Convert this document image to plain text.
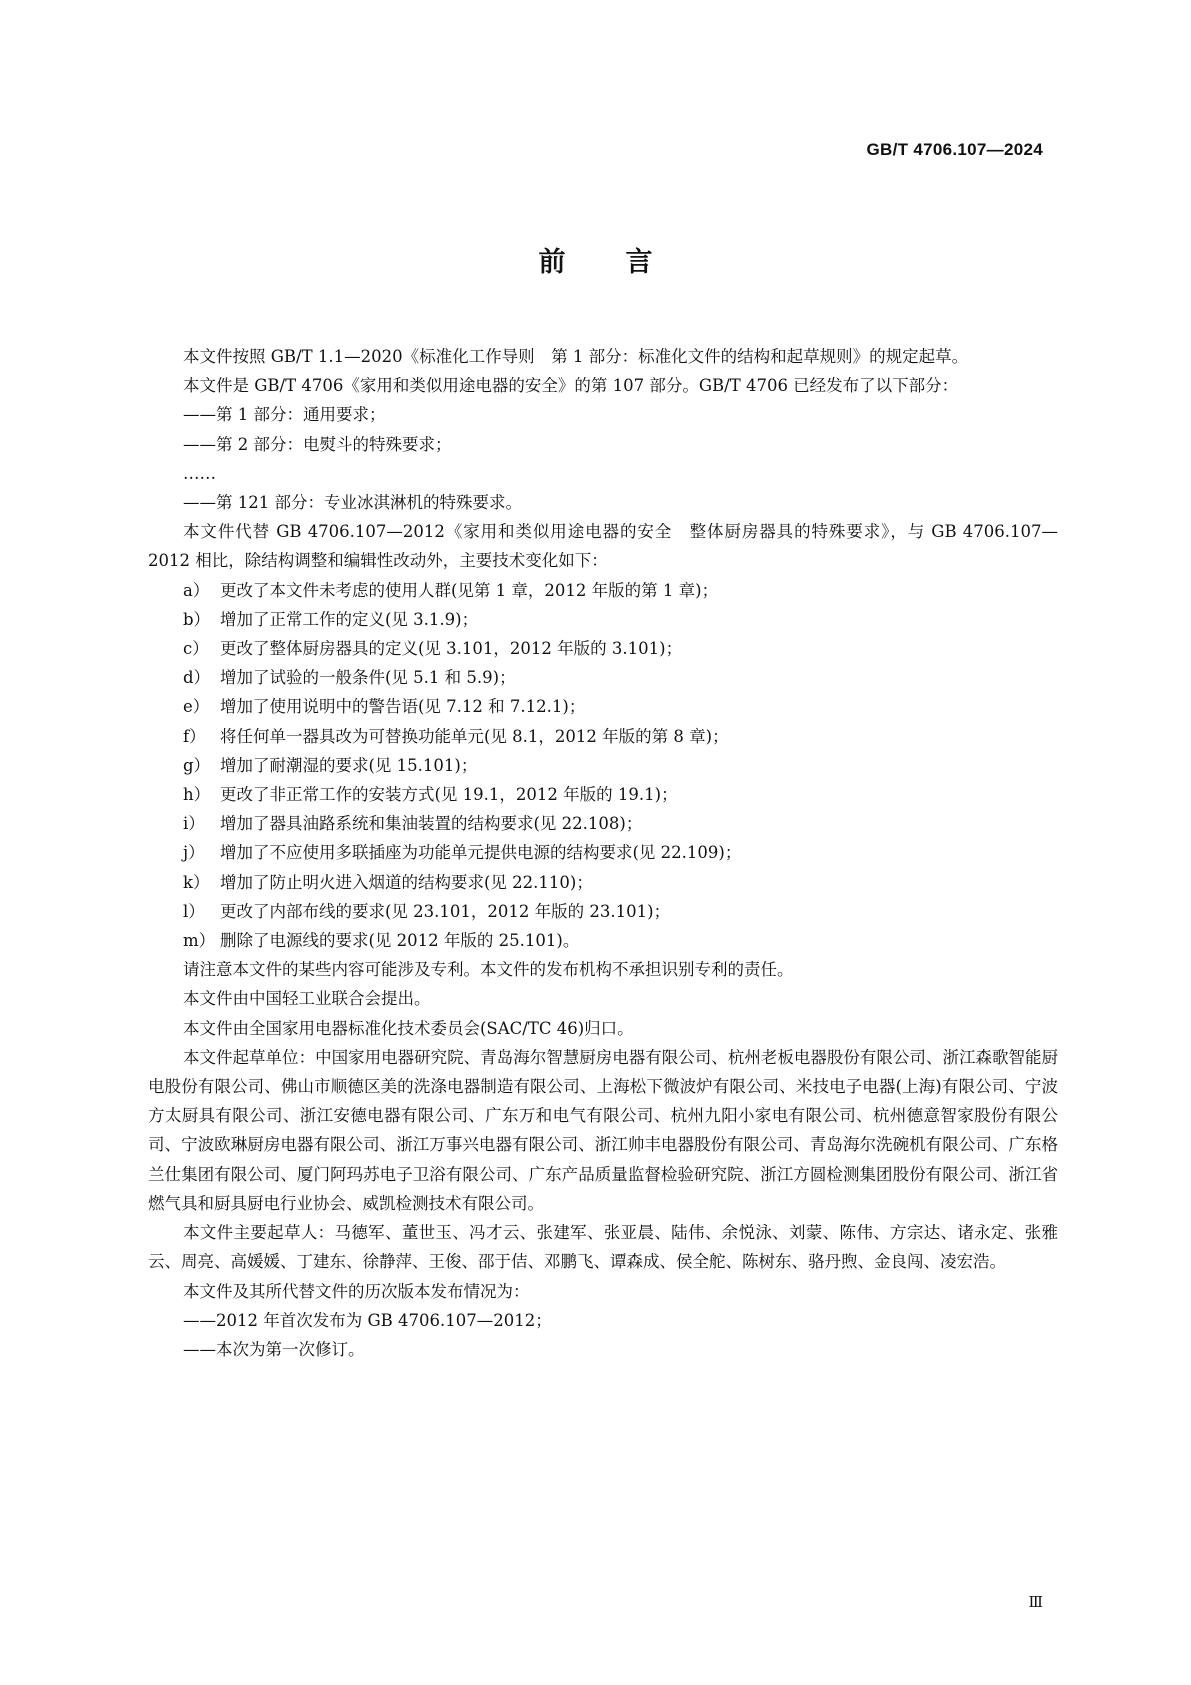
GB/T 4706.107—2024
前言

本文件按照 GB/T 1.1—2020《标准化工作导则　第 1 部分：标准化文件的结构和起草规则》的规定起草。

本文件是 GB/T 4706《家用和类似用途电器的安全》的第 107 部分。GB/T 4706 已经发布了以下部分：

——第 1 部分：通用要求；

——第 2 部分：电熨斗的特殊要求；

……

——第 121 部分：专业冰淇淋机的特殊要求。

本文件代替 GB 4706.107—2012《家用和类似用途电器的安全　整体厨房器具的特殊要求》，与 GB 4706.107—2012 相比，除结构调整和编辑性改动外，主要技术变化如下：

a） 更改了本文件未考虑的使用人群(见第 1 章，2012 年版的第 1 章)；
b） 增加了正常工作的定义(见 3.1.9)；
c） 更改了整体厨房器具的定义(见 3.101，2012 年版的 3.101)；
d） 增加了试验的一般条件(见 5.1 和 5.9)；
e） 增加了使用说明中的警告语(见 7.12 和 7.12.1)；
f） 将任何单一器具改为可替换功能单元(见 8.1，2012 年版的第 8 章)；
g） 增加了耐潮湿的要求(见 15.101)；
h） 更改了非正常工作的安装方式(见 19.1，2012 年版的 19.1)；
i） 增加了器具油路系统和集油装置的结构要求(见 22.108)；
j） 增加了不应使用多联插座为功能单元提供电源的结构要求(见 22.109)；
k） 增加了防止明火进入烟道的结构要求(见 22.110)；
l） 更改了内部布线的要求(见 23.101，2012 年版的 23.101)；
m） 删除了电源线的要求(见 2012 年版的 25.101)。

请注意本文件的某些内容可能涉及专利。本文件的发布机构不承担识别专利的责任。

本文件由中国轻工业联合会提出。

本文件由全国家用电器标准化技术委员会(SAC/TC 46)归口。

本文件起草单位：中国家用电器研究院、青岛海尔智慧厨房电器有限公司、杭州老板电器股份有限公司、浙江森歌智能厨电股份有限公司、佛山市顺德区美的洗涤电器制造有限公司、上海松下微波炉有限公司、米技电子电器(上海)有限公司、宁波方太厨具有限公司、浙江安德电器有限公司、广东万和电气有限公司、杭州九阳小家电有限公司、杭州德意智家股份有限公司、宁波欧琳厨房电器有限公司、浙江万事兴电器有限公司、浙江帅丰电器股份有限公司、青岛海尔洗碗机有限公司、广东格兰仕集团有限公司、厦门阿玛苏电子卫浴有限公司、广东产品质量监督检验研究院、浙江方圆检测集团股份有限公司、浙江省燃气具和厨具厨电行业协会、威凯检测技术有限公司。

本文件主要起草人：马德军、董世玉、冯才云、张建军、张亚晨、陆伟、余悦泳、刘蒙、陈伟、方宗达、诸永定、张雅云、周亮、高媛媛、丁建东、徐静萍、王俊、邵于佶、邓鹏飞、谭森成、侯全舵、陈树东、骆丹煦、金良闯、凌宏浩。

本文件及其所代替文件的历次版本发布情况为：

——2012 年首次发布为 GB 4706.107—2012；

——本次为第一次修订。

Ⅲ
